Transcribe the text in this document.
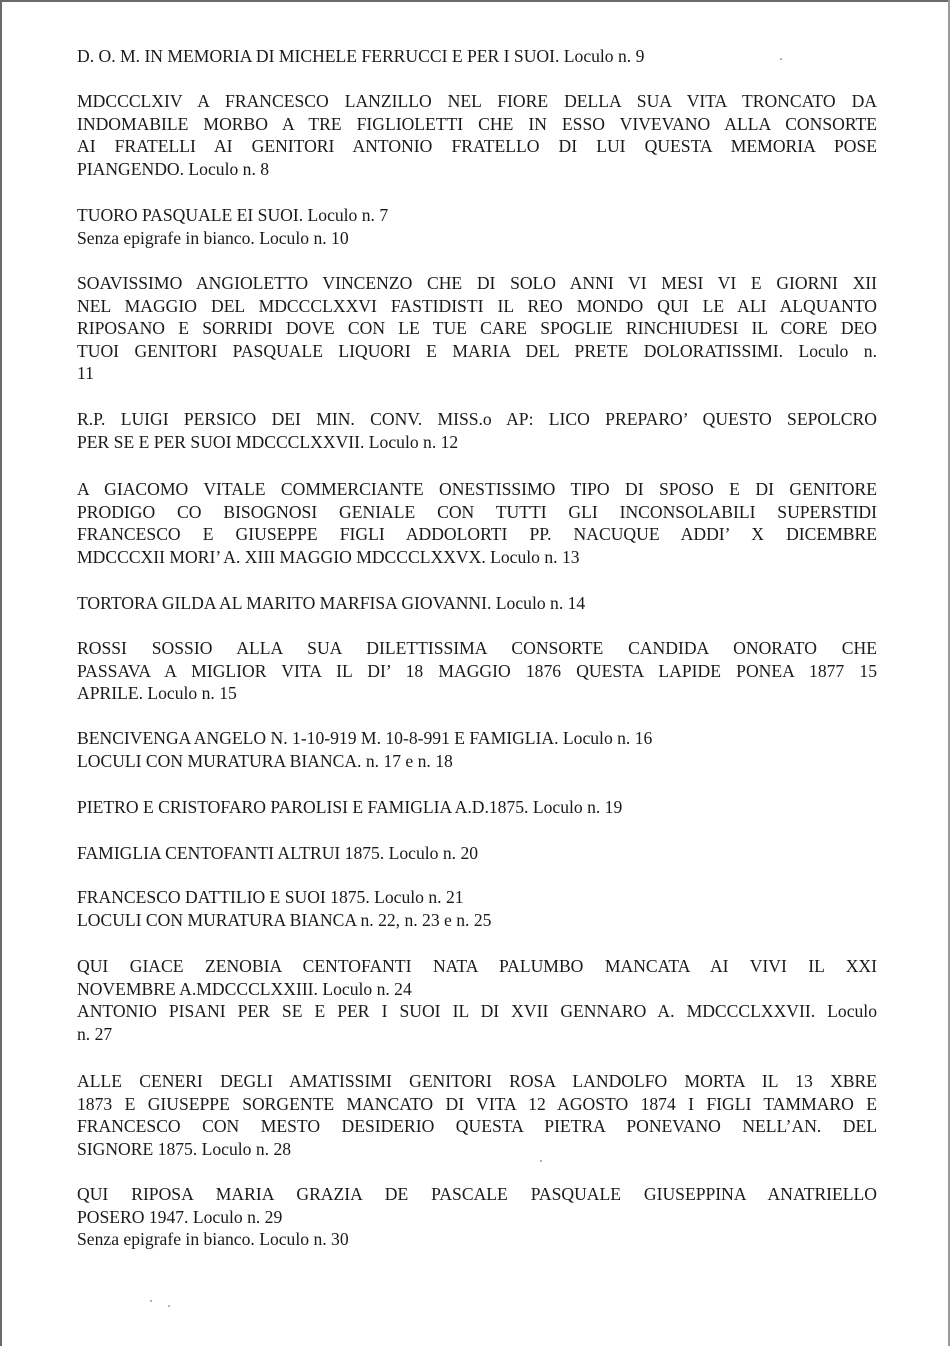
D. O. M. IN MEMORIA DI MICHELE FERRUCCI E PER I SUOI. Loculo n. 9

MDCCCLXIV A FRANCESCO LANZILLO NEL FIORE DELLA SUA VITA TRONCATO DA
INDOMABILE MORBO A TRE FIGLIOLETTI CHE IN ESSO VIVEVANO ALLA CONSORTE
AI FRATELLI AI GENITORI ANTONIO FRATELLO DI LUI QUESTA MEMORIA POSE
PIANGENDO. Loculo n. 8

TUORO PASQUALE EI SUOI. Loculo n. 7
Senza epigrafe in bianco. Loculo n. 10

SOAVISSIMO ANGIOLETTO VINCENZO CHE DI SOLO ANNI VI MESI VI E GIORNI XII
NEL MAGGIO DEL MDCCCLXXVI FASTIDISTI IL REO MONDO QUI LE ALI ALQUANTO
RIPOSANO E SORRIDI DOVE CON LE TUE CARE SPOGLIE RINCHIUDESI IL CORE DEO
TUOI GENITORI PASQUALE LIQUORI E MARIA DEL PRETE DOLORATISSIMI. Loculo n.
11

R.P. LUIGI PERSICO DEI MIN. CONV. MISS.o AP: LICO PREPARO’ QUESTO SEPOLCRO
PER SE E PER SUOI MDCCCLXXVII. Loculo n. 12

A GIACOMO VITALE COMMERCIANTE ONESTISSIMO TIPO DI SPOSO E DI GENITORE
PRODIGO CO BISOGNOSI GENIALE CON TUTTI GLI INCONSOLABILI SUPERSTIDI
FRANCESCO E GIUSEPPE FIGLI ADDOLORTI PP. NACUQUE ADDI’ X DICEMBRE
MDCCCXII MORI’ A. XIII MAGGIO MDCCCLXXVX. Loculo n. 13

TORTORA GILDA AL MARITO MARFISA GIOVANNI. Loculo n. 14

ROSSI SOSSIO ALLA SUA DILETTISSIMA CONSORTE CANDIDA ONORATO CHE
PASSAVA A MIGLIOR VITA IL DI’ 18 MAGGIO 1876 QUESTA LAPIDE PONEA 1877 15
APRILE. Loculo n. 15

BENCIVENGA ANGELO N. 1-10-919 M. 10-8-991 E FAMIGLIA. Loculo n. 16
LOCULI CON MURATURA BIANCA. n. 17 e n. 18

PIETRO E CRISTOFARO PAROLISI E FAMIGLIA A.D.1875. Loculo n. 19

FAMIGLIA CENTOFANTI ALTRUI 1875. Loculo n. 20

FRANCESCO DATTILIO E SUOI 1875. Loculo n. 21
LOCULI CON MURATURA BIANCA n. 22, n. 23 e n. 25

QUI GIACE ZENOBIA CENTOFANTI NATA PALUMBO MANCATA AI VIVI IL XXI
NOVEMBRE A.MDCCCLXXIII. Loculo n. 24
ANTONIO PISANI PER SE E PER I SUOI IL DI XVII GENNARO A. MDCCCLXXVII. Loculo
n. 27

ALLE CENERI DEGLI AMATISSIMI GENITORI ROSA LANDOLFO MORTA IL 13 XBRE
1873 E GIUSEPPE SORGENTE MANCATO DI VITA 12 AGOSTO 1874 I FIGLI TAMMARO E
FRANCESCO CON MESTO DESIDERIO QUESTA PIETRA PONEVANO NELL’AN. DEL
SIGNORE 1875. Loculo n. 28

QUI RIPOSA MARIA GRAZIA DE PASCALE PASQUALE GIUSEPPINA ANATRIELLO
POSERO 1947. Loculo n. 29
Senza epigrafe in bianco. Loculo n. 30
